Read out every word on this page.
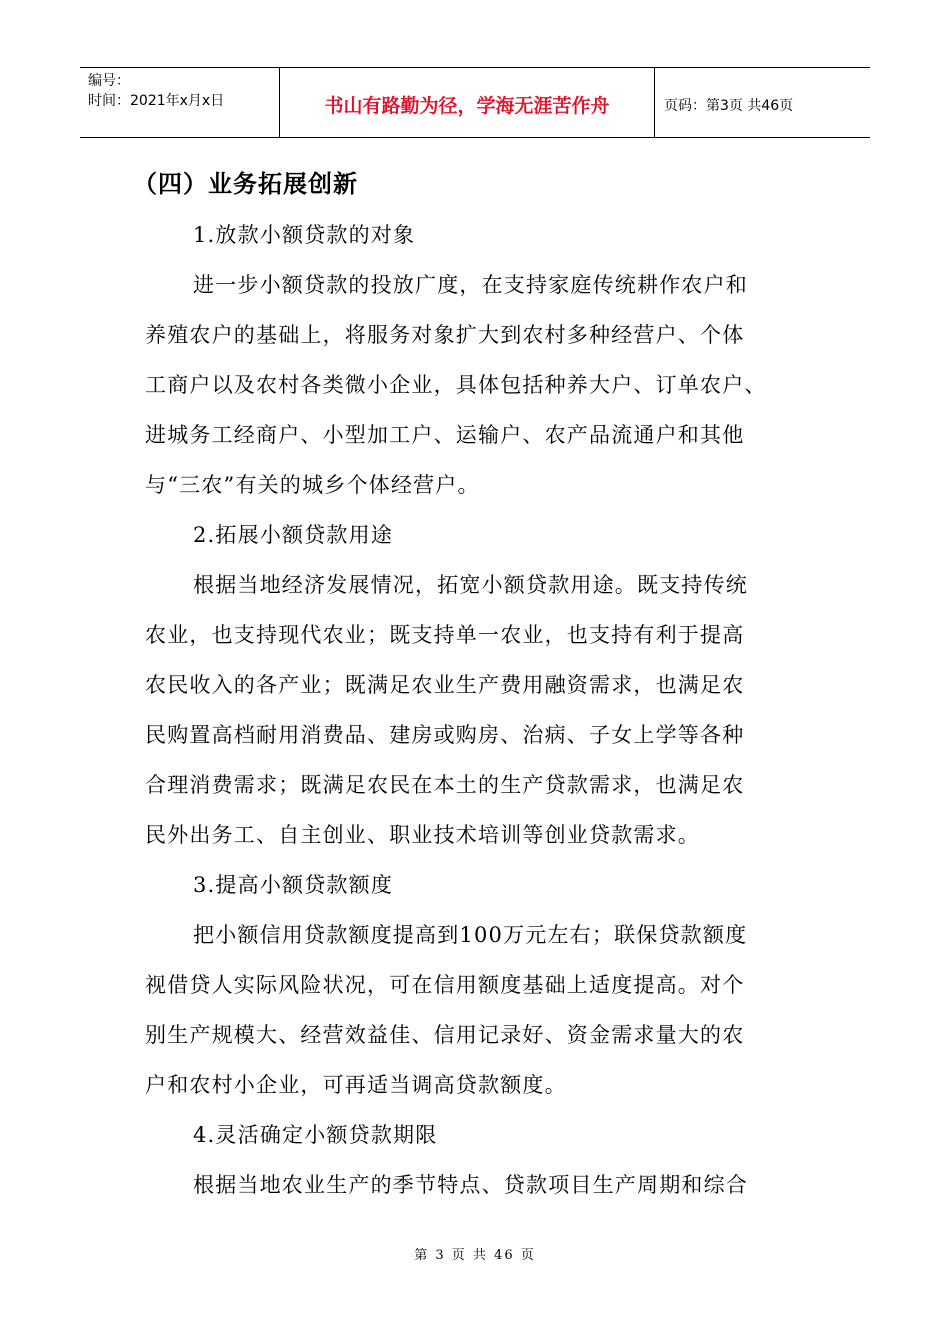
编号：
时间：2021年x月x日	书山有路勤为径，学海无涯苦作舟	页码：第3页 共46页
（四）业务拓展创新

1.放款小额贷款的对象

进一步小额贷款的投放广度，在支持家庭传统耕作农户和
养殖农户的基础上，将服务对象扩大到农村多种经营户、个体
工商户以及农村各类微小企业，具体包括种养大户、订单农户、
进城务工经商户、小型加工户、运输户、农产品流通户和其他
与“三农”有关的城乡个体经营户。

2.拓展小额贷款用途

根据当地经济发展情况，拓宽小额贷款用途。既支持传统
农业，也支持现代农业；既支持单一农业，也支持有利于提高
农民收入的各产业；既满足农业生产费用融资需求，也满足农
民购置高档耐用消费品、建房或购房、治病、子女上学等各种
合理消费需求；既满足农民在本土的生产贷款需求，也满足农
民外出务工、自主创业、职业技术培训等创业贷款需求。

3.提高小额贷款额度

把小额信用贷款额度提高到100万元左右；联保贷款额度
视借贷人实际风险状况，可在信用额度基础上适度提高。对个
别生产规模大、经营效益佳、信用记录好、资金需求量大的农
户和农村小企业，可再适当调高贷款额度。

4.灵活确定小额贷款期限

根据当地农业生产的季节特点、贷款项目生产周期和综合

第 3 页 共 46 页
